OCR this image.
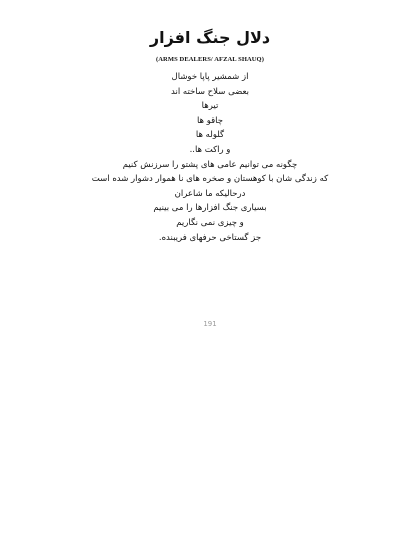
دلال جنگ افزار
(ARMS DEALERS/ AFZAL SHAUQ)
از شمشیر پاپا خوشال
بعضی سلاح ساخته اند
تیرها
چاقو ها
گلوله ها
و راکت ها..
چگونه می توانیم عامی های پشتو را سرزنش کنیم
که زندگی شان با کوهستان و صخره های نا هموار دشوار شده است
درحالیکه ما شاعران
بسیاری جنگ افزارها را می بینیم
و چیزی نمی نگاریم
جز گستاخی حرفهای فریبنده.
191
